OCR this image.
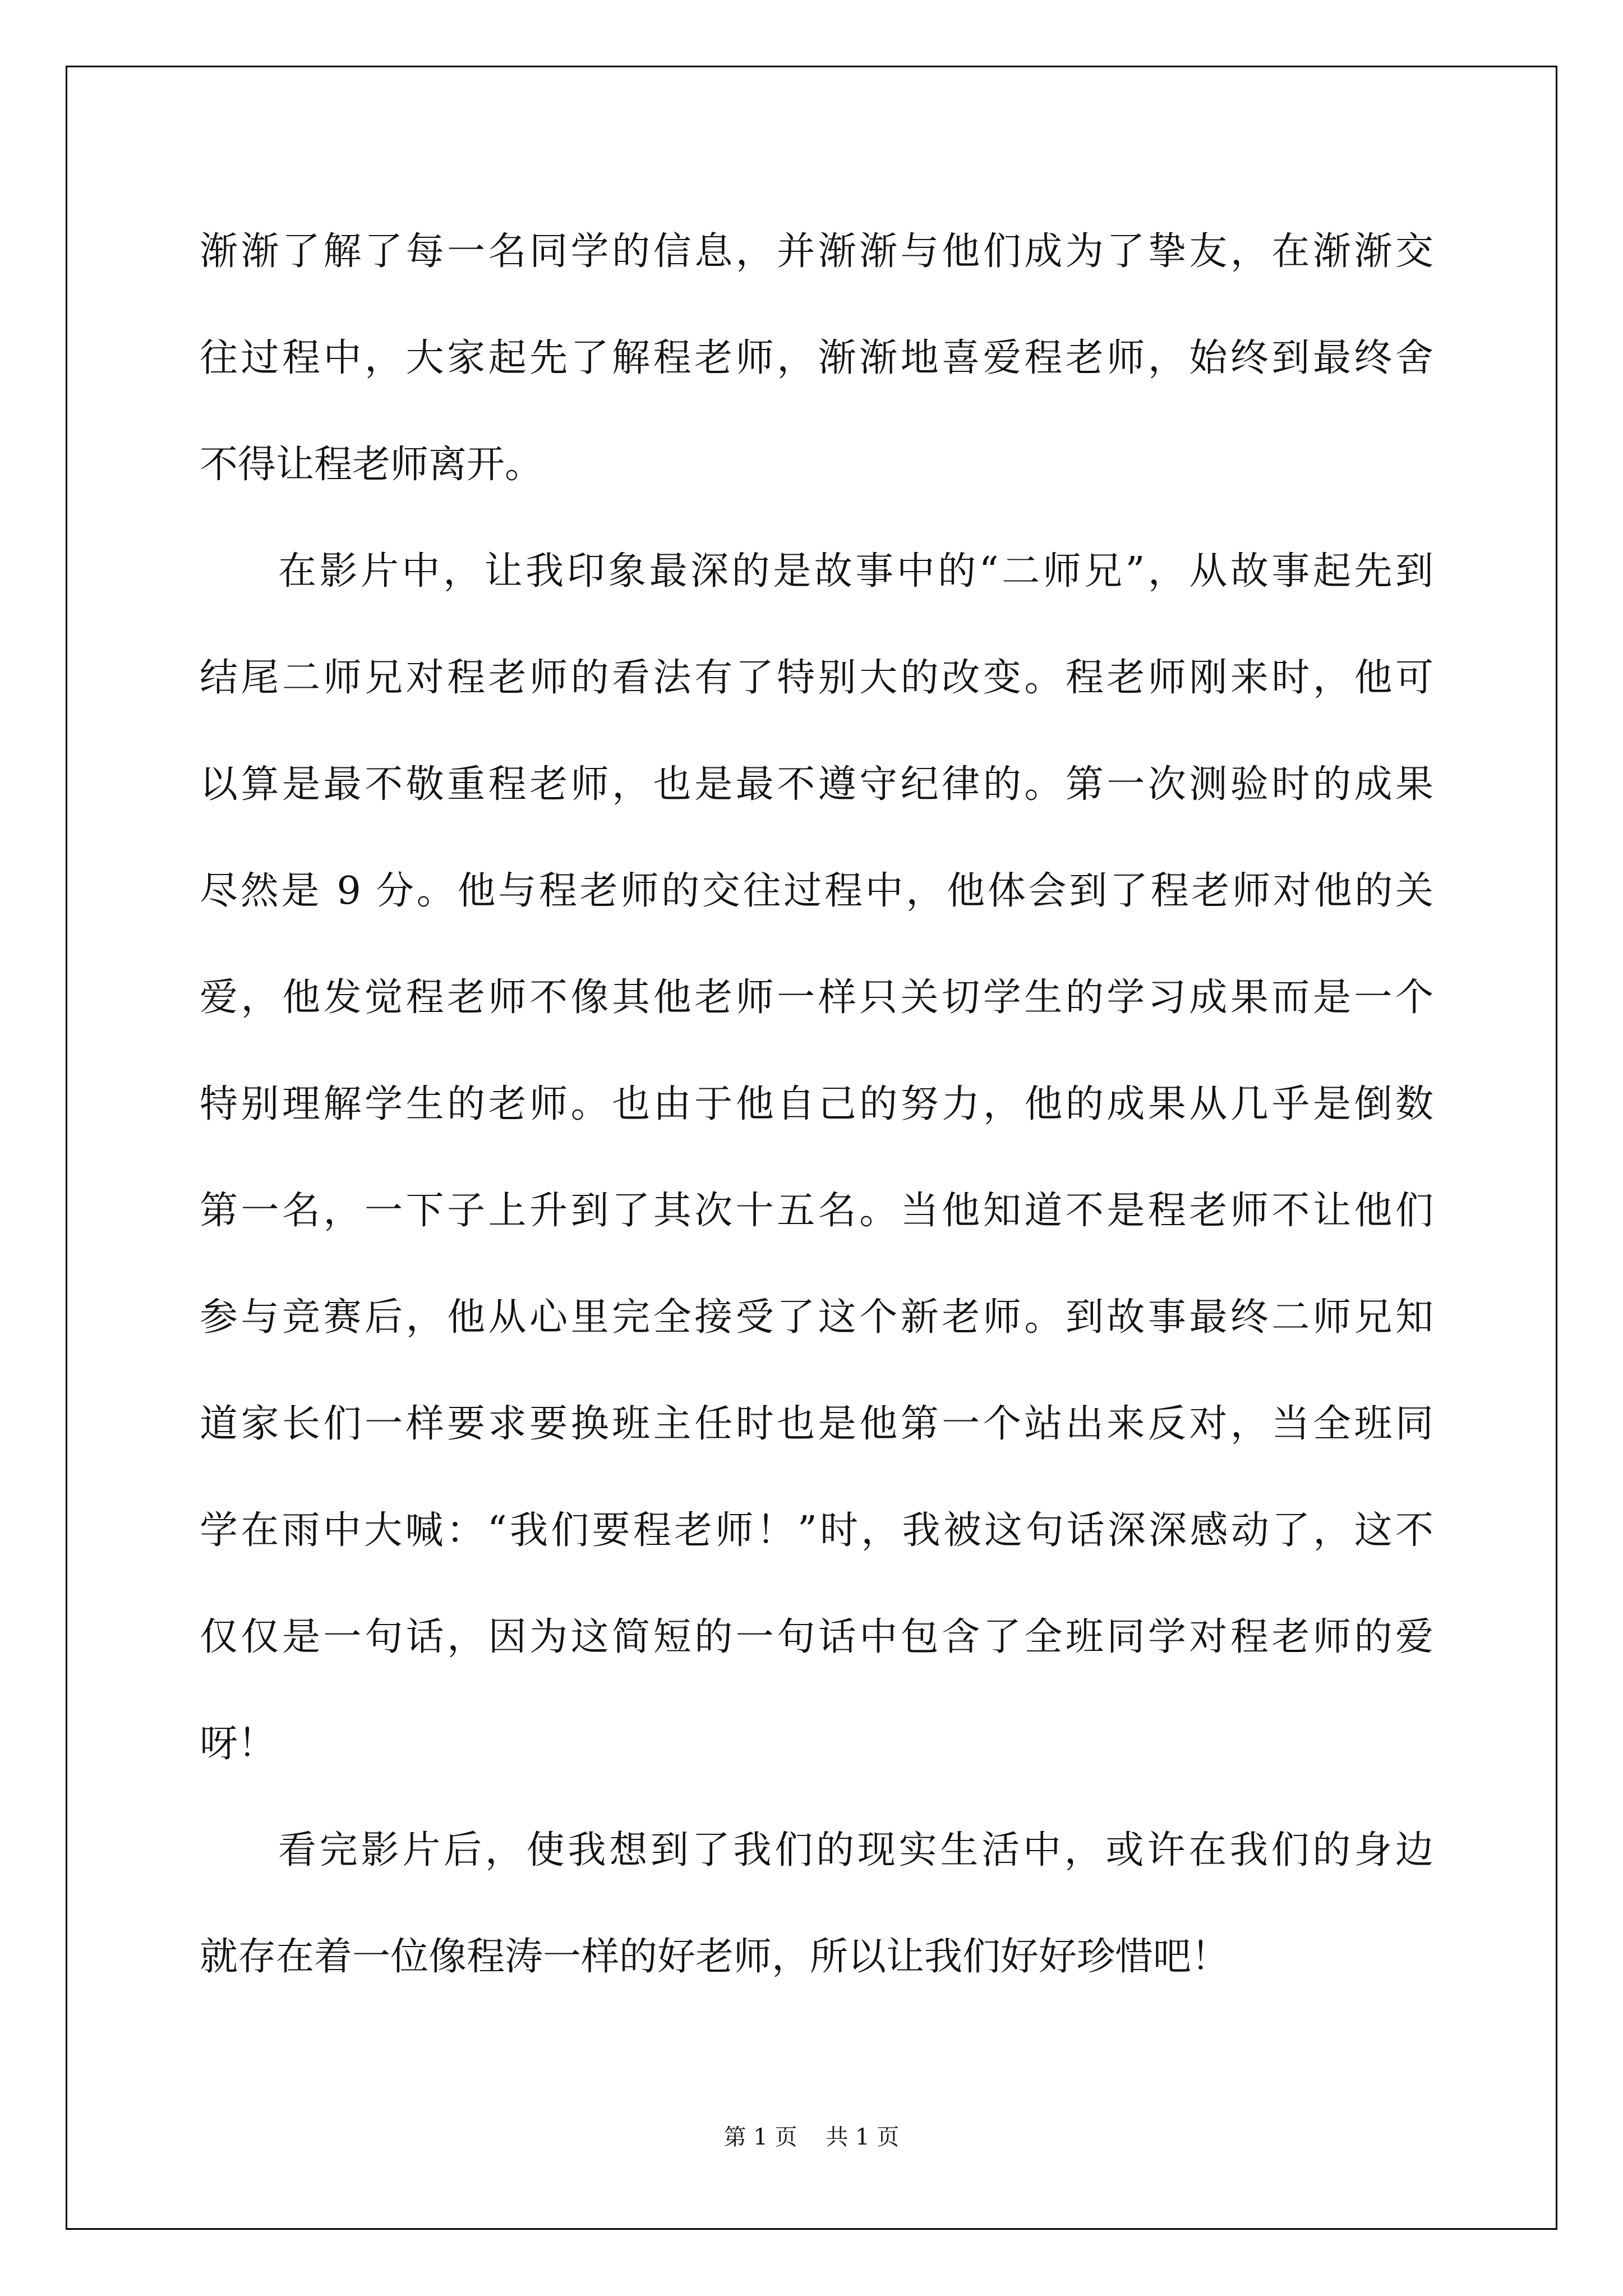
渐渐了解了每一名同学的信息，并渐渐与他们成为了挚友，在渐渐交
往过程中，大家起先了解程老师，渐渐地喜爱程老师，始终到最终舍
不得让程老师离开。
在影片中，让我印象最深的是故事中的“二师兄”，从故事起先到
结尾二师兄对程老师的看法有了特别大的改变。程老师刚来时，他可
以算是最不敬重程老师，也是最不遵守纪律的。第一次测验时的成果
尽然是 9 分。他与程老师的交往过程中，他体会到了程老师对他的关
爱，他发觉程老师不像其他老师一样只关切学生的学习成果而是一个
特别理解学生的老师。也由于他自己的努力，他的成果从几乎是倒数
第一名，一下子上升到了其次十五名。当他知道不是程老师不让他们
参与竞赛后，他从心里完全接受了这个新老师。到故事最终二师兄知
道家长们一样要求要换班主任时也是他第一个站出来反对，当全班同
学在雨中大喊：“我们要程老师！”时，我被这句话深深感动了，这不
仅仅是一句话，因为这简短的一句话中包含了全班同学对程老师的爱
呀！
看完影片后，使我想到了我们的现实生活中，或许在我们的身边
就存在着一位像程涛一样的好老师，所以让我们好好珍惜吧！
第 1 页 共 1 页
